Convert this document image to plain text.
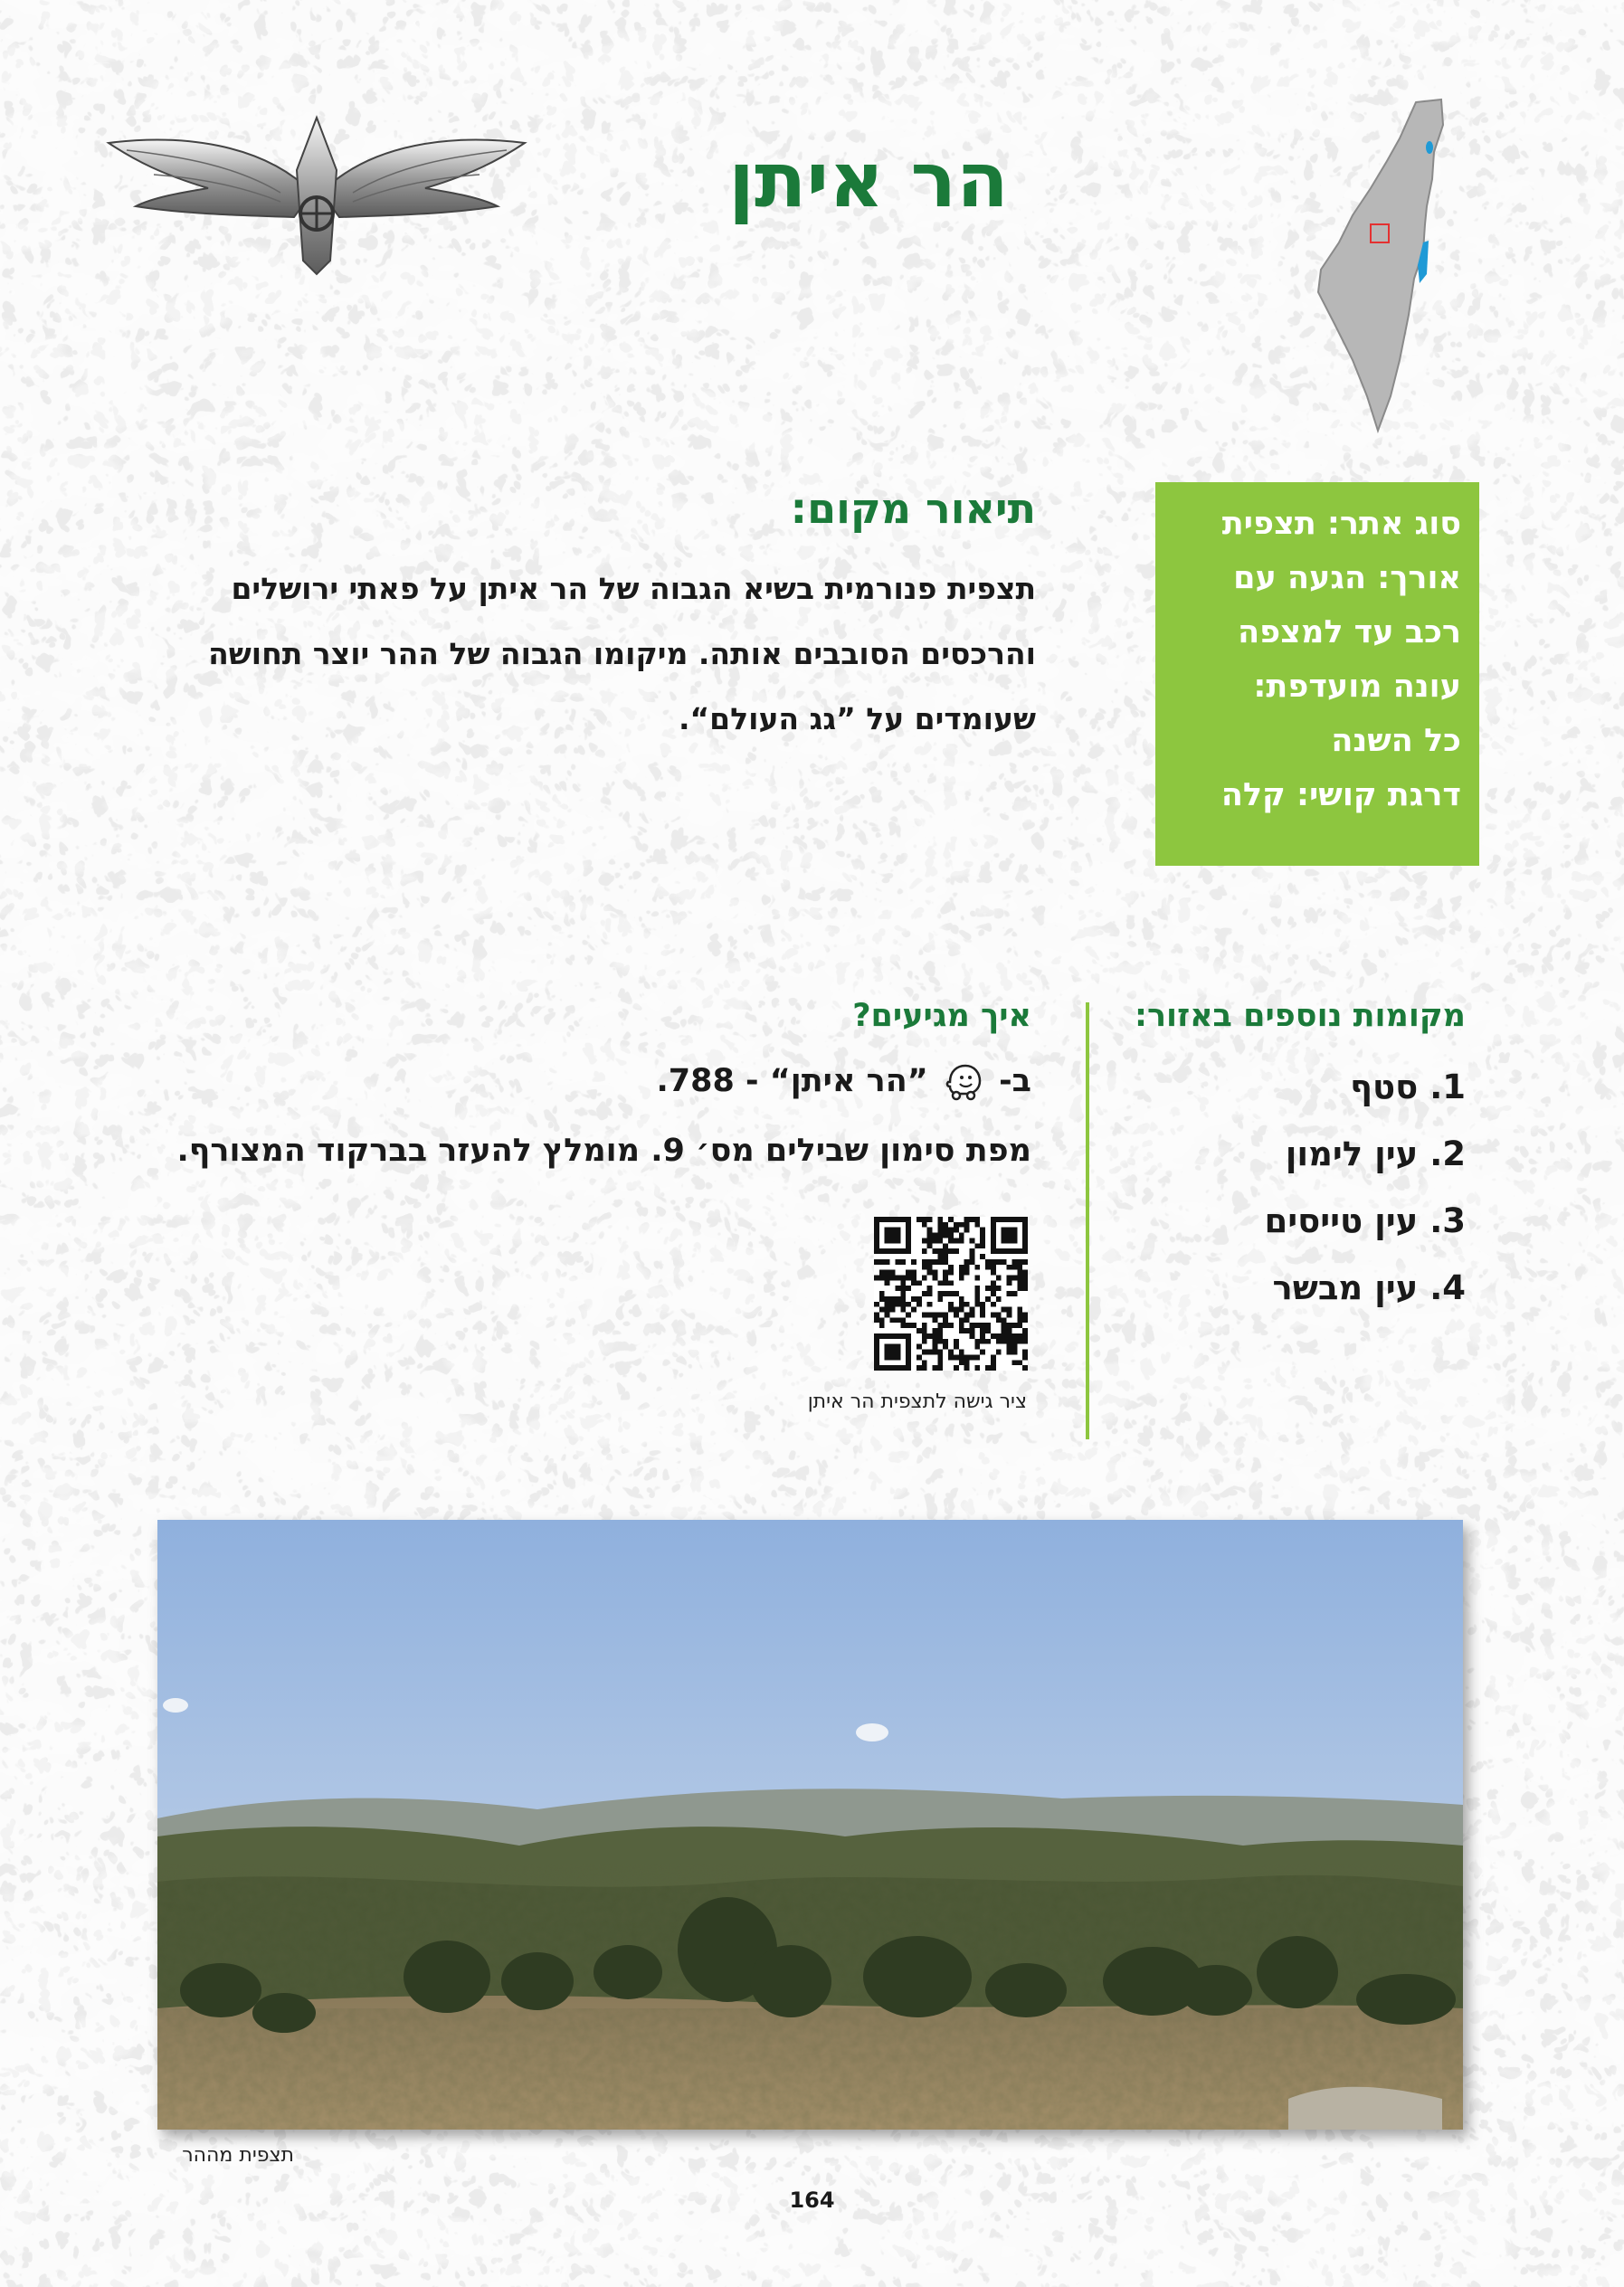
הר איתן
תיאור מקום:
תצפית פנורמית בשיא הגבוה של הר איתן על פאתי ירושלים
והרכסים הסובבים אותה. מיקומו הגבוה של ההר יוצר תחושה
שעומדים על ”גג העולם“.
סוג אתר: תצפית
אורך: הגעה עם
רכב עד למצפה
עונה מועדפת:
כל השנה
דרגת קושי: קלה
מקומות נוספים באזור:
1. סטף
2. עין לימון
3. עין טייסים
4. עין מבשר
איך מגיעים?
ב-  ”הר איתן“ - 788.
מפת סימון שבילים מס׳ 9. מומלץ להעזר בברקוד המצורף.
ציר גישה לתצפית הר איתן
תצפית מההר
164
